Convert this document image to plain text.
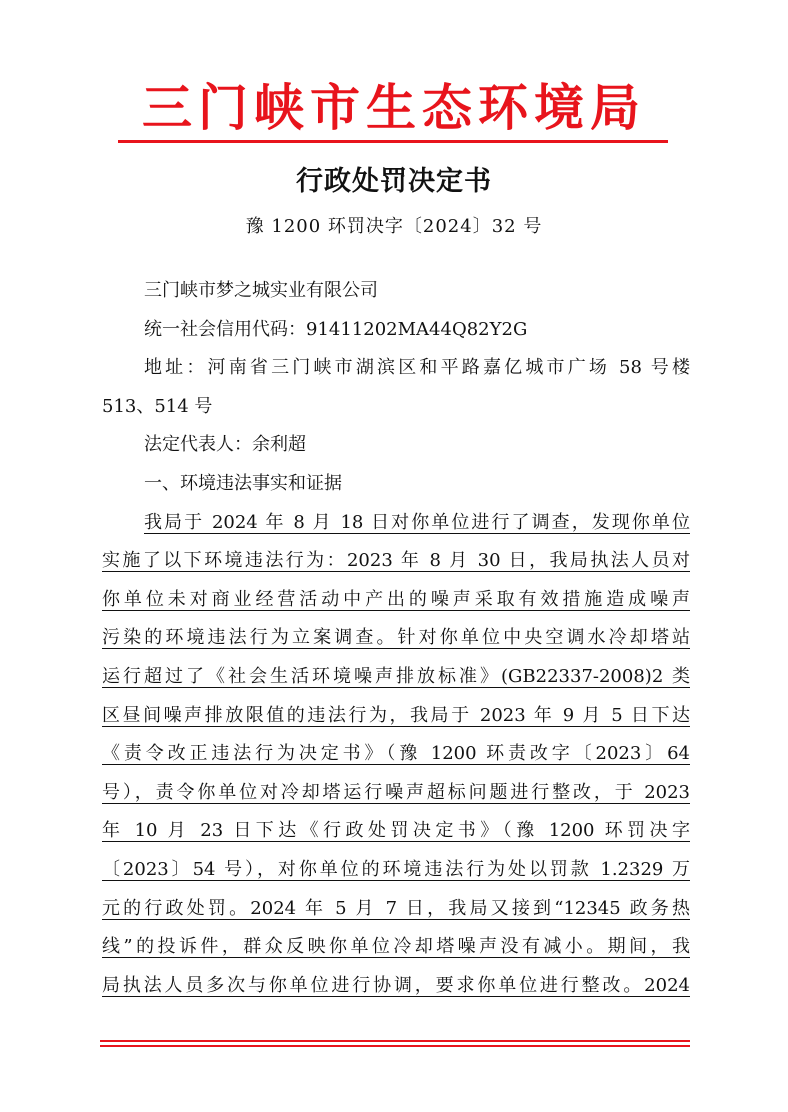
三门峡市生态环境局
行政处罚决定书
豫 1200 环罚决字〔2024〕32 号

三门峡市梦之城实业有限公司

统一社会信用代码：91411202MA44Q82Y2G

地址：河南省三门峡市湖滨区和平路嘉亿城市广场 58 号楼

513、514 号

法定代表人：余利超

一、环境违法事实和证据

我局于 2024 年 8 月 18 日对你单位进行了调查，发现你单位

实施了以下环境违法行为：2023 年 8 月 30 日，我局执法人员对

你单位未对商业经营活动中产出的噪声采取有效措施造成噪声

污染的环境违法行为立案调查。针对你单位中央空调水冷却塔站

运行超过了《社会生活环境噪声排放标准》(GB22337-2008)2 类

区昼间噪声排放限值的违法行为，我局于 2023 年 9 月 5 日下达

《责令改正违法行为决定书》（豫 1200 环责改字〔2023〕64

号），责令你单位对冷却塔运行噪声超标问题进行整改，于 2023

年 10 月 23 日下达《行政处罚决定书》（豫 1200 环罚决字

〔2023〕54 号），对你单位的环境违法行为处以罚款 1.2329 万

元的行政处罚。2024 年 5 月 7 日，我局又接到“12345 政务热

线”的投诉件，群众反映你单位冷却塔噪声没有减小。期间，我

局执法人员多次与你单位进行协调，要求你单位进行整改。2024
